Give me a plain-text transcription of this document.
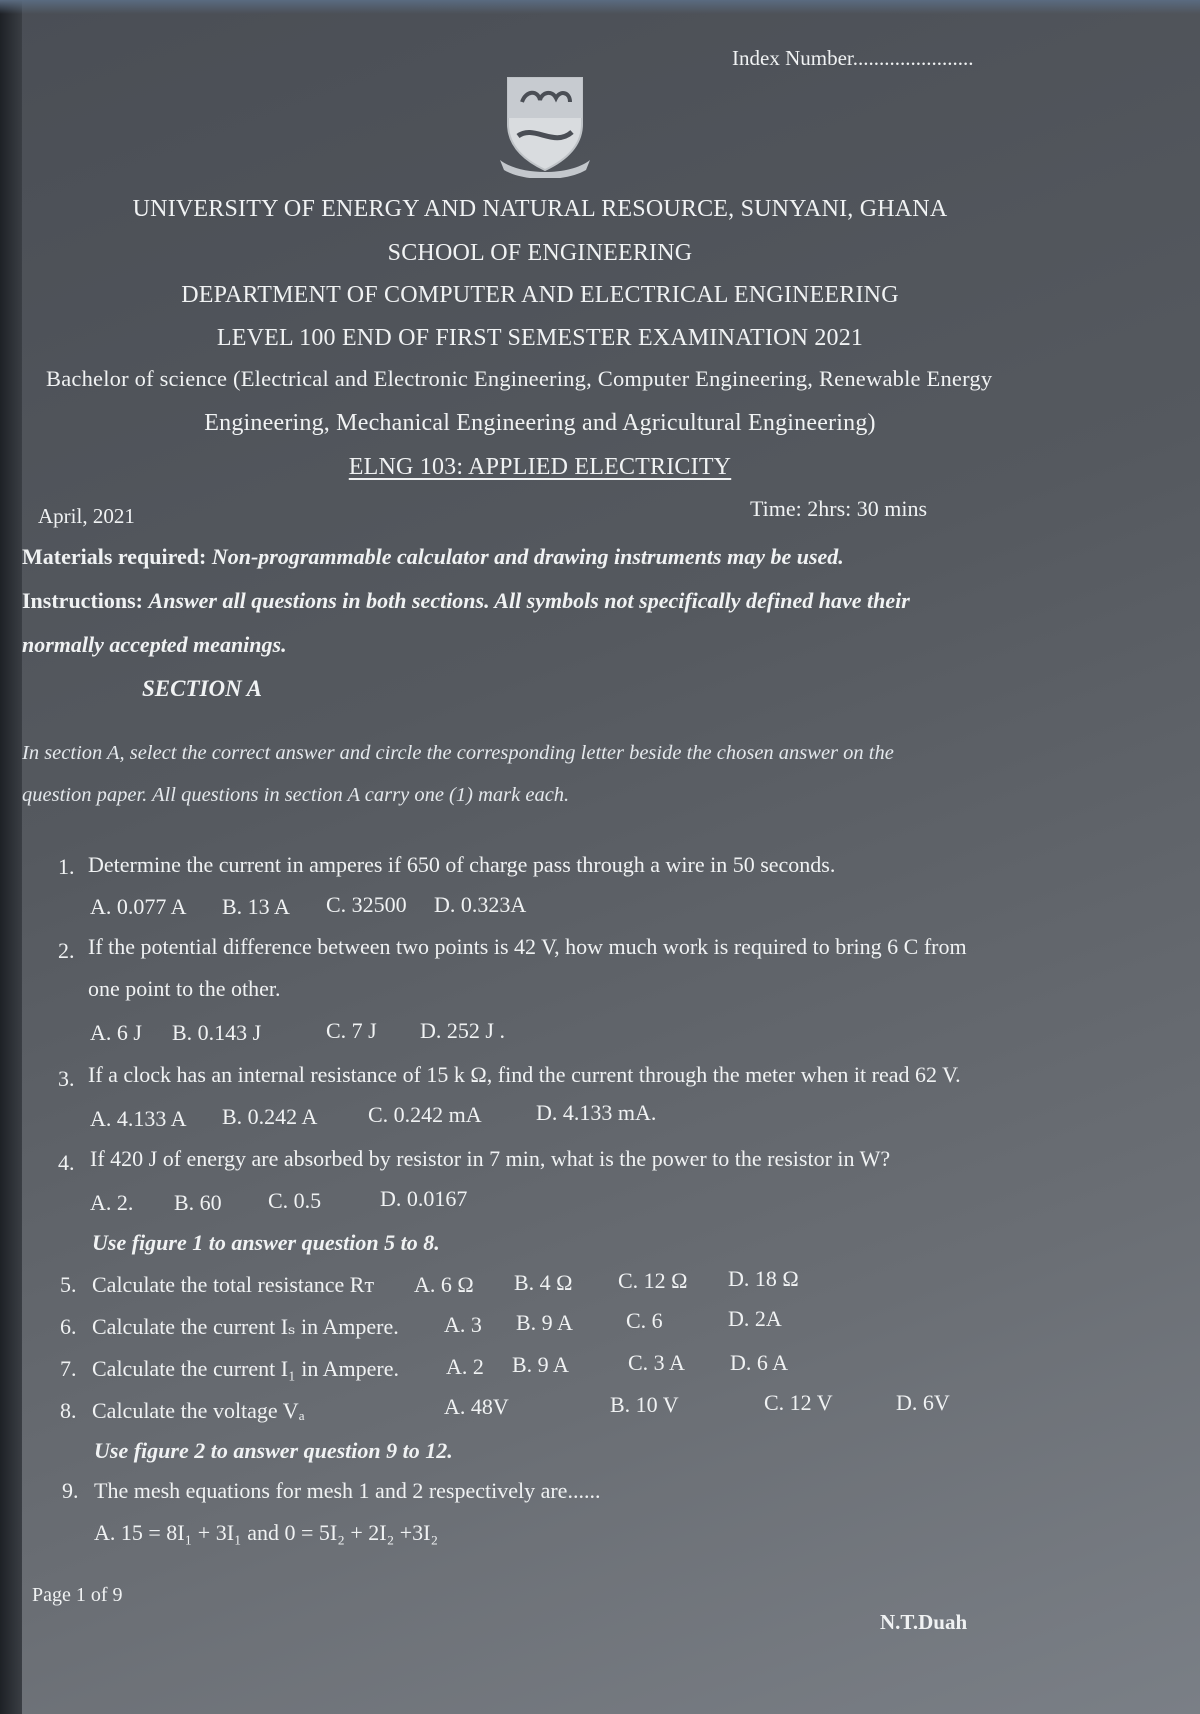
Index Number.......................
UNIVERSITY OF ENERGY AND NATURAL RESOURCE, SUNYANI, GHANA
SCHOOL OF ENGINEERING
DEPARTMENT OF COMPUTER AND ELECTRICAL ENGINEERING
LEVEL 100 END OF FIRST SEMESTER EXAMINATION 2021
Bachelor of science (Electrical and Electronic Engineering, Computer Engineering, Renewable Energy
Engineering, Mechanical Engineering and Agricultural Engineering)
ELNG 103: APPLIED ELECTRICITY
April, 2021	Time: 2hrs: 30 mins
Materials required: Non-programmable calculator and drawing instruments may be used.
Instructions: Answer all questions in both sections. All symbols not specifically defined have their
normally accepted meanings.
SECTION A
In section A, select the correct answer and circle the corresponding letter beside the chosen answer on the
question paper. All questions in section A carry one (1) mark each.
1. Determine the current in amperes if 650 of charge pass through a wire in 50 seconds.
A. 0.077 A B. 13 A C. 32500 D. 0.323A
2. If the potential difference between two points is 42 V, how much work is required to bring 6 C from
one point to the other.
A. 6 J B. 0.143 J	C. 7 J D. 252 J .
3. If a clock has an internal resistance of 15 k Ω, find the current through the meter when it read 62 V.
A. 4.133 A B. 0.242 A C. 0.242 mA D. 4.133 mA.
4. If 420 J of energy are absorbed by resistor in 7 min, what is the power to the resistor in W?
A. 2. B. 60 C. 0.5	D. 0.0167
Use figure 1 to answer question 5 to 8.
5. Calculate the total resistance Rᴛ A. 6 Ω B. 4 Ω C. 12 Ω D. 18 Ω
6. Calculate the current Iₛ in Ampere. A. 3 B. 9 A C. 6	D. 2A
7. Calculate the current I₁ in Ampere. A. 2 B. 9 A	C. 3 A D. 6 A
8. Calculate the voltage Vₐ	A. 48V	B. 10 V	C. 12 V	D. 6V
Use figure 2 to answer question 9 to 12.
9. The mesh equations for mesh 1 and 2 respectively are......
A. 15 = 8I₁ + 3I₁ and 0 = 5I₂ + 2I₂ +3I₂
Page 1 of 9
N.T.Duah
